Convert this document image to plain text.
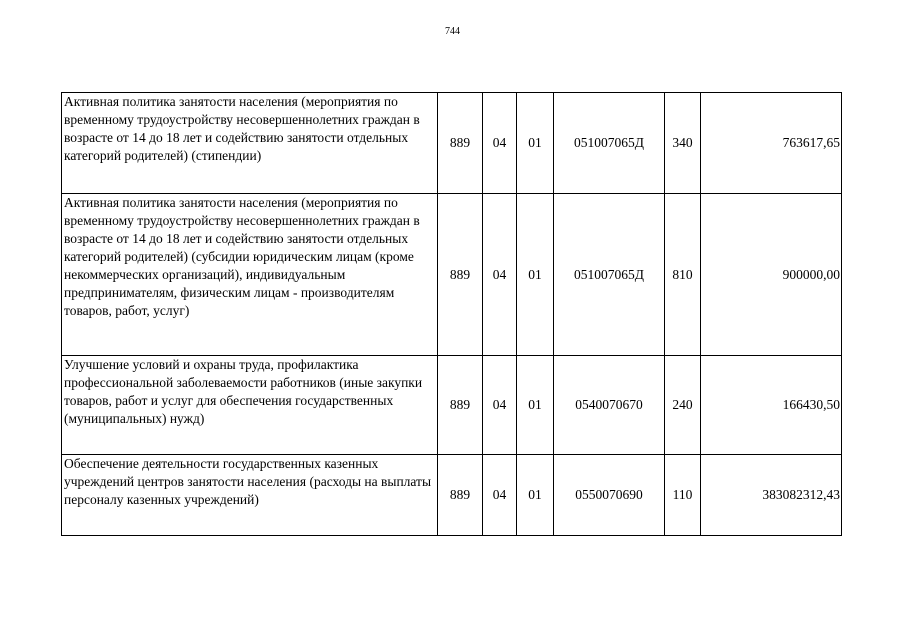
744
Активная политика занятости населения (мероприятия по временному трудоустройству несовершеннолетних граждан в возрасте от 14 до 18 лет и содействию занятости отдельных категорий родителей) (стипендии)	889	04	01	051007065Д	340	763617,65
Активная политика занятости населения (мероприятия по временному трудоустройству несовершеннолетних граждан в возрасте от 14 до 18 лет и содействию занятости отдельных категорий родителей) (субсидии юридическим лицам (кроме некоммерческих организаций), индивидуальным предпринимателям, физическим лицам - производителям товаров, работ, услуг)	889	04	01	051007065Д	810	900000,00
Улучшение условий и охраны труда, профилактика профессиональной заболеваемости работников (иные закупки товаров, работ и услуг для обеспечения государственных (муниципальных) нужд)	889	04	01	0540070670	240	166430,50
Обеспечение деятельности государственных казенных учреждений центров занятости населения (расходы на выплаты персоналу казенных учреждений)	889	04	01	0550070690	110	383082312,43
